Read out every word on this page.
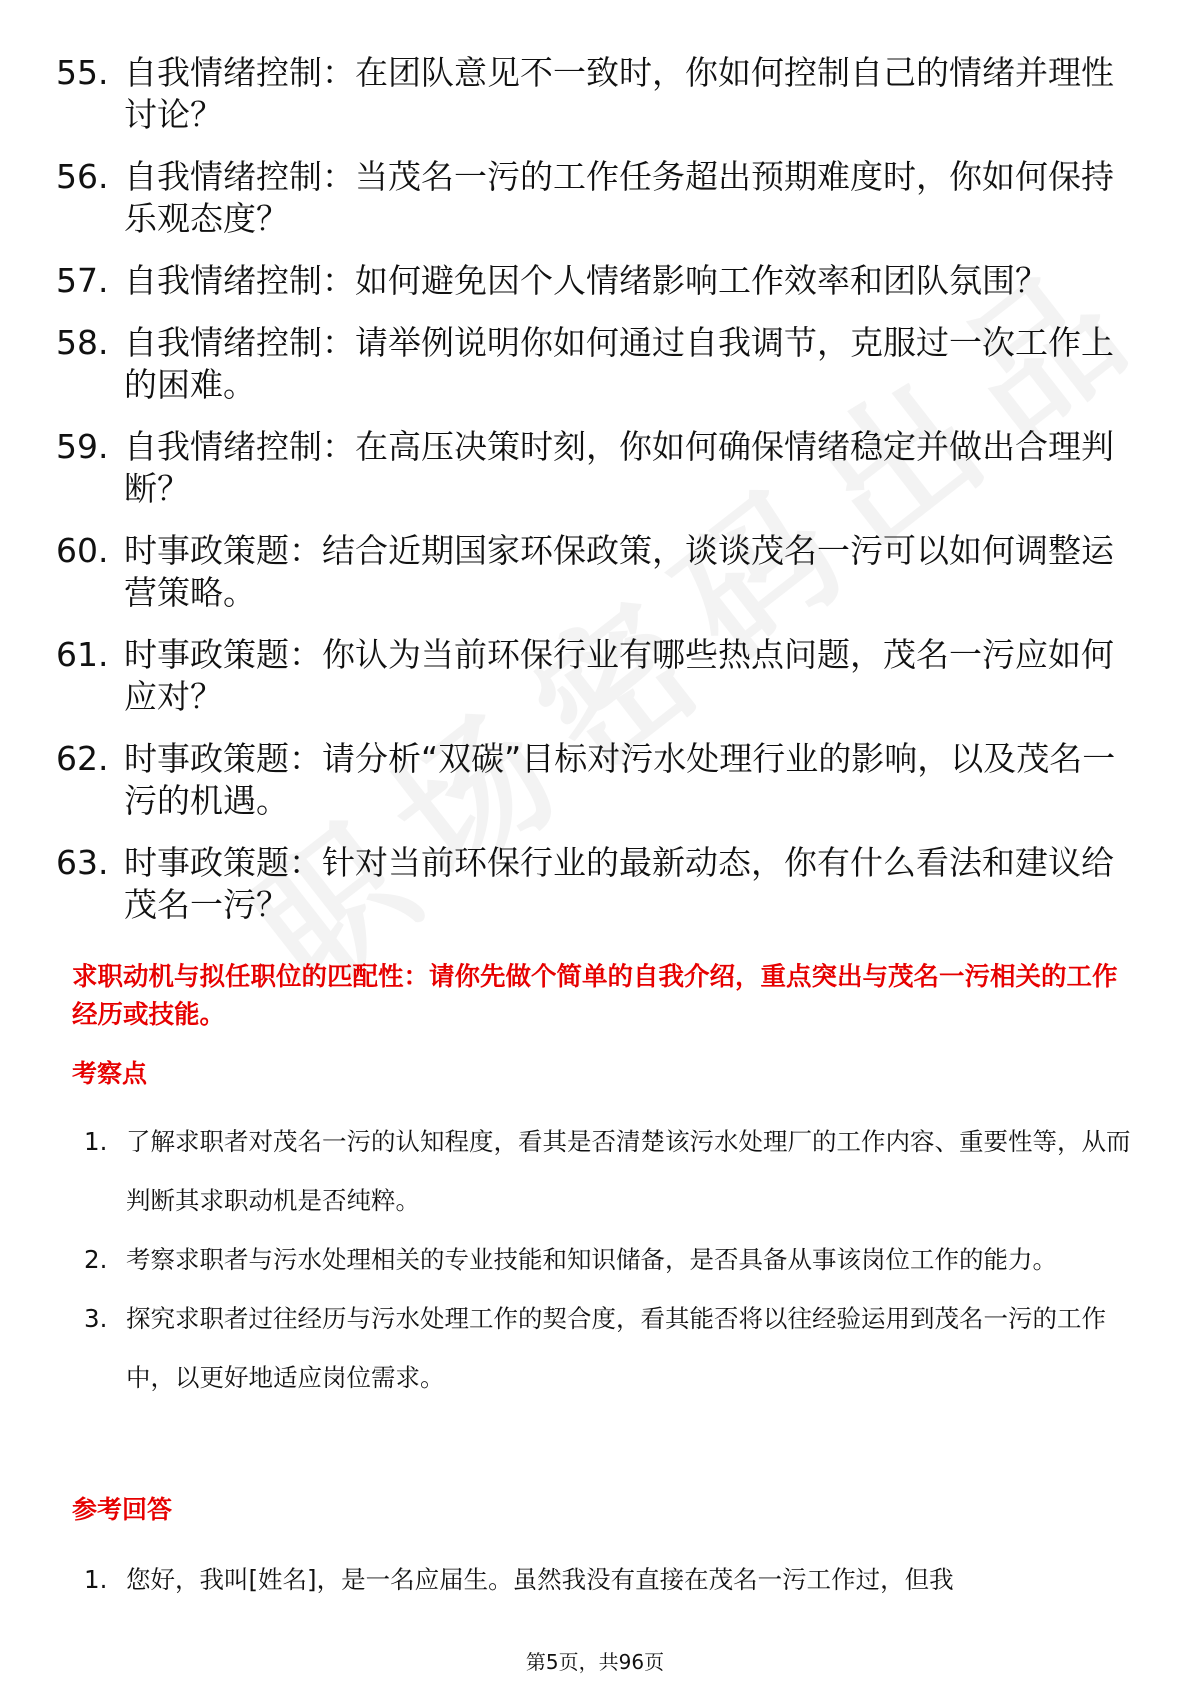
55. 自我情绪控制：在团队意见不一致时，你如何控制自己的情绪并理性讨论？
56. 自我情绪控制：当茂名一污的工作任务超出预期难度时，你如何保持乐观态度？
57. 自我情绪控制：如何避免因个人情绪影响工作效率和团队氛围？
58. 自我情绪控制：请举例说明你如何通过自我调节，克服过一次工作上的困难。
59. 自我情绪控制：在高压决策时刻，你如何确保情绪稳定并做出合理判断？
60. 时事政策题：结合近期国家环保政策，谈谈茂名一污可以如何调整运营策略。
61. 时事政策题：你认为当前环保行业有哪些热点问题，茂名一污应如何应对？
62. 时事政策题：请分析“双碳”目标对污水处理行业的影响，以及茂名一污的机遇。
63. 时事政策题：针对当前环保行业的最新动态，你有什么看法和建议给茂名一污？
求职动机与拟任职位的匹配性：请你先做个简单的自我介绍，重点突出与茂名一污相关的工作经历或技能。
考察点
1. 了解求职者对茂名一污的认知程度，看其是否清楚该污水处理厂的工作内容、重要性等，从而判断其求职动机是否纯粹。
2. 考察求职者与污水处理相关的专业技能和知识储备，是否具备从事该岗位工作的能力。
3. 探究求职者过往经历与污水处理工作的契合度，看其能否将以往经验运用到茂名一污的工作中，以更好地适应岗位需求。
参考回答
1. 您好，我叫[姓名]，是一名应届生。虽然我没有直接在茂名一污工作过，但我
第5页，共96页
